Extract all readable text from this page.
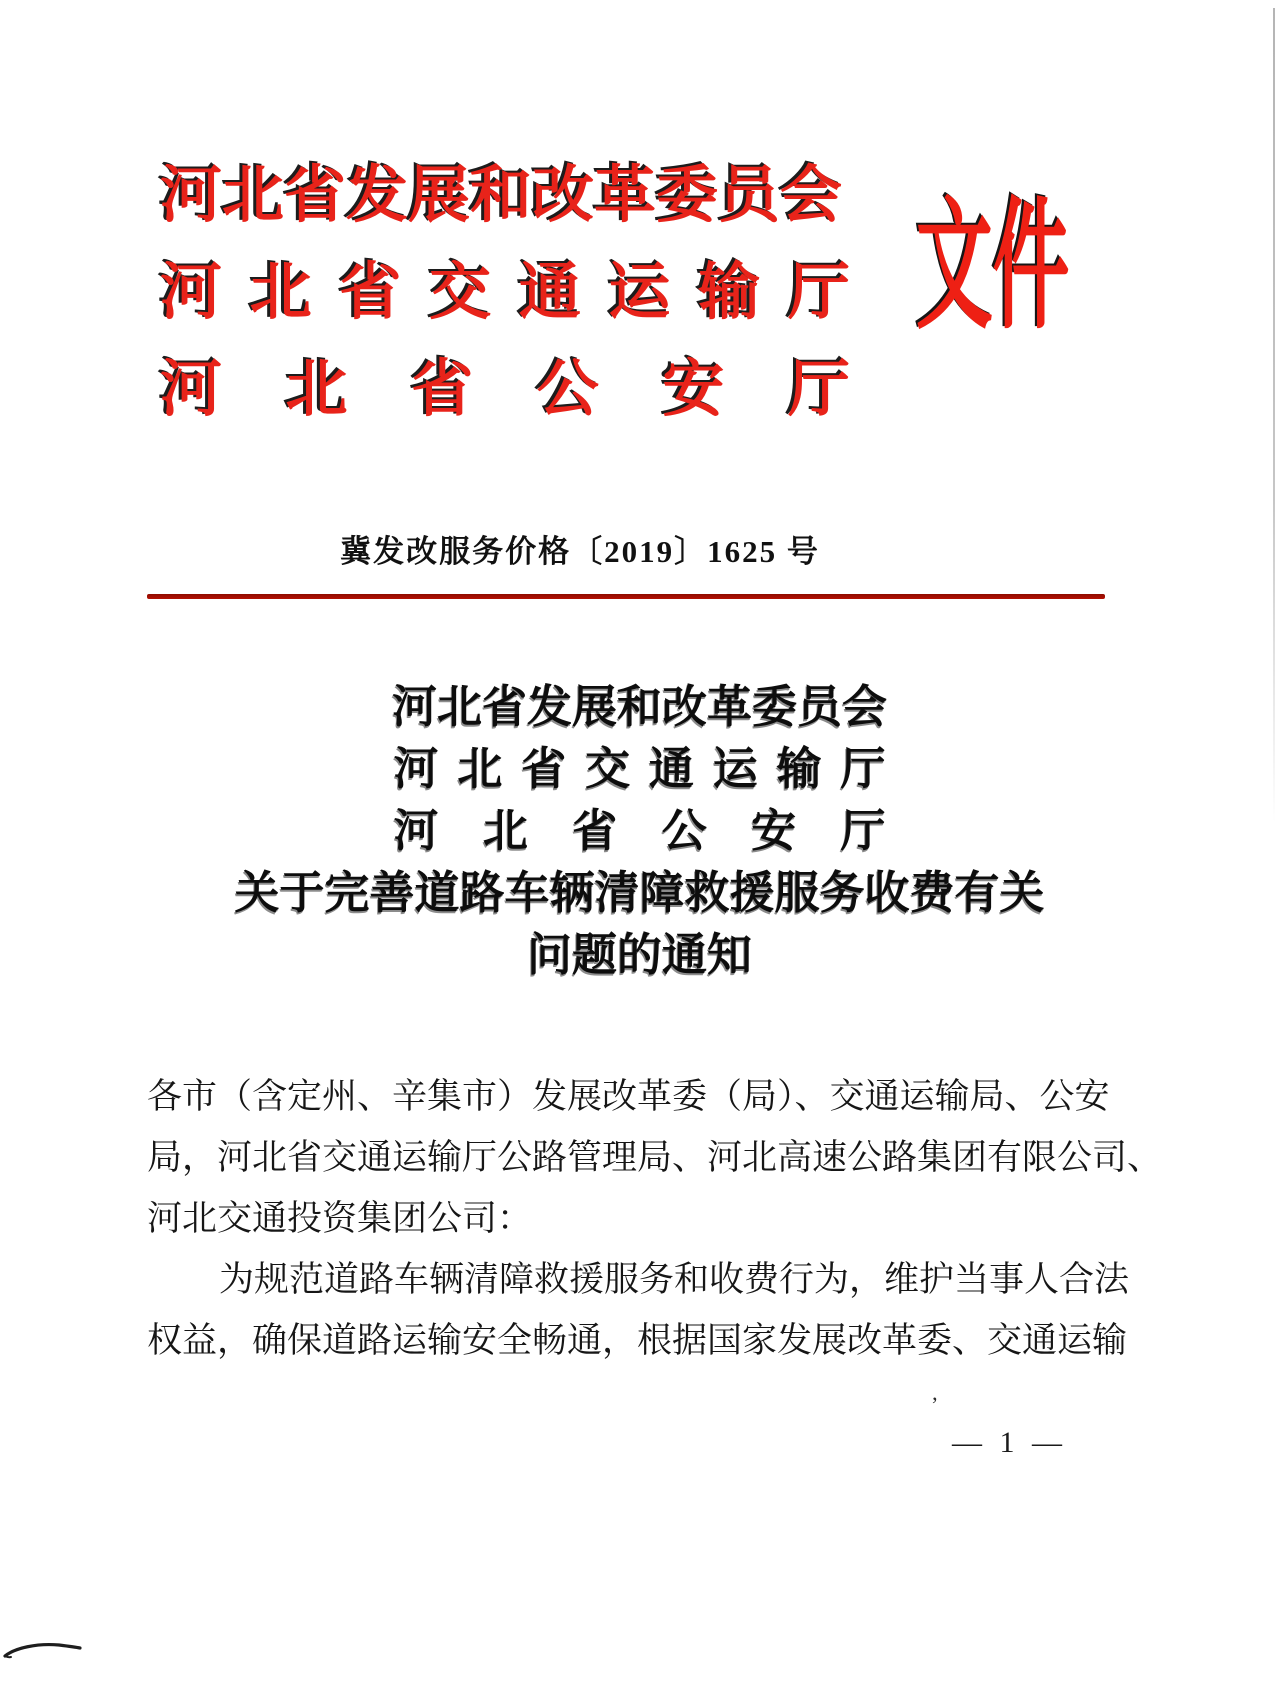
河北省发展和改革委员会
河北省交通运输厅
河北省公安厅
文件
冀发改服务价格〔2019〕1625 号
河北省发展和改革委员会
河北省交通运输厅
河北省公安厅
关于完善道路车辆清障救援服务收费有关
问题的通知
各市（含定州、辛集市）发展改革委（局）、交通运输局、公安
局，河北省交通运输厅公路管理局、河北高速公路集团有限公司、
河北交通投资集团公司：
为规范道路车辆清障救援服务和收费行为，维护当事人合法
权益，确保道路运输安全畅通，根据国家发展改革委、交通运输
— 1 —
’
